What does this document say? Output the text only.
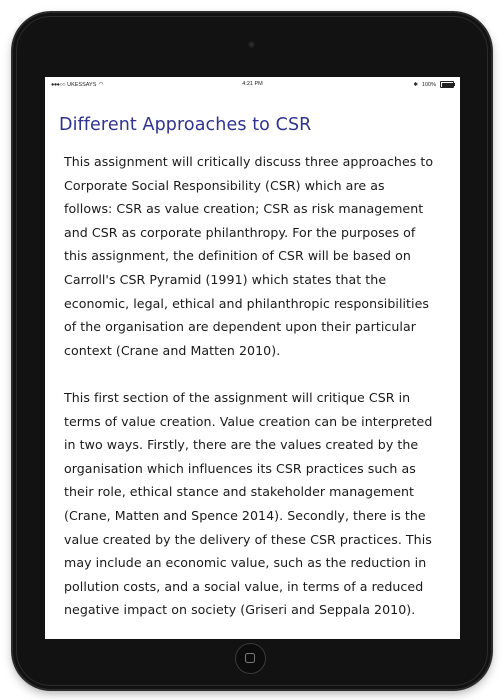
●●●○○ UKESSAYS ◠	4:21 PM	✱ 100%
Different Approaches to CSR

This assignment will critically discuss three approaches to
Corporate Social Responsibility (CSR) which are as
follows: CSR as value creation; CSR as risk management
and CSR as corporate philanthropy. For the purposes of
this assignment, the definition of CSR will be based on
Carroll's CSR Pyramid (1991) which states that the
economic, legal, ethical and philanthropic responsibilities
of the organisation are dependent upon their particular
context (Crane and Matten 2010).

This first section of the assignment will critique CSR in
terms of value creation. Value creation can be interpreted
in two ways. Firstly, there are the values created by the
organisation which influences its CSR practices such as
their role, ethical stance and stakeholder management
(Crane, Matten and Spence 2014). Secondly, there is the
value created by the delivery of these CSR practices. This
may include an economic value, such as the reduction in
pollution costs, and a social value, in terms of a reduced
negative impact on society (Griseri and Seppala 2010).
